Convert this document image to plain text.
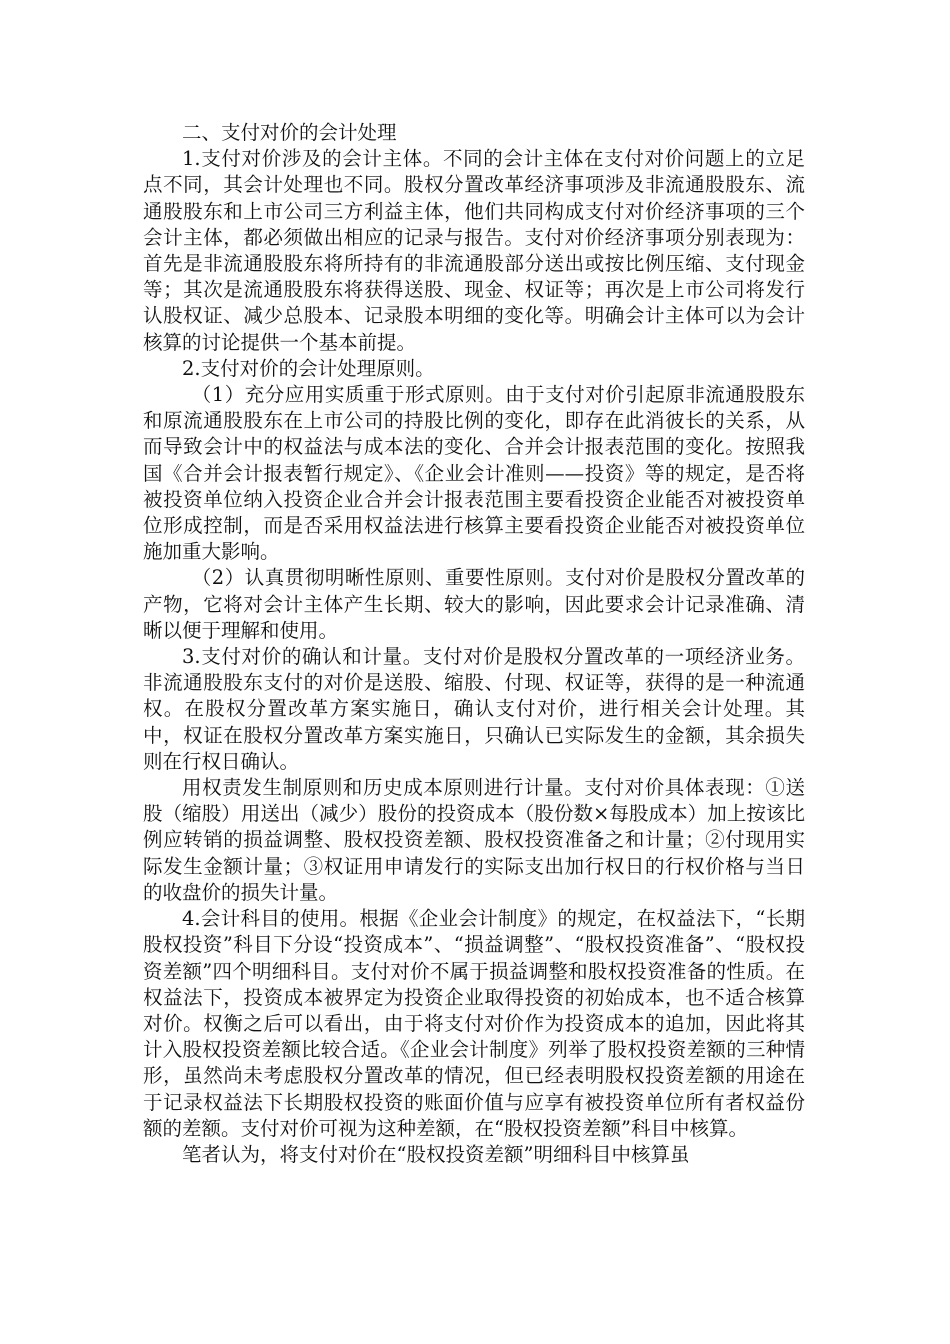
二、支付对价的会计处理

1.支付对价涉及的会计主体。不同的会计主体在支付对价问题上的立足点不同，其会计处理也不同。股权分置改革经济事项涉及非流通股股东、流通股股东和上市公司三方利益主体，他们共同构成支付对价经济事项的三个会计主体，都必须做出相应的记录与报告。支付对价经济事项分别表现为：首先是非流通股股东将所持有的非流通股部分送出或按比例压缩、支付现金等；其次是流通股股东将获得送股、现金、权证等；再次是上市公司将发行认股权证、减少总股本、记录股本明细的变化等。明确会计主体可以为会计核算的讨论提供一个基本前提。

2.支付对价的会计处理原则。

（1）充分应用实质重于形式原则。由于支付对价引起原非流通股股东和原流通股股东在上市公司的持股比例的变化，即存在此消彼长的关系，从而导致会计中的权益法与成本法的变化、合并会计报表范围的变化。按照我国《合并会计报表暂行规定》、《企业会计准则——投资》等的规定，是否将被投资单位纳入投资企业合并会计报表范围主要看投资企业能否对被投资单位形成控制，而是否采用权益法进行核算主要看投资企业能否对被投资单位施加重大影响。

（2）认真贯彻明晰性原则、重要性原则。支付对价是股权分置改革的产物，它将对会计主体产生长期、较大的影响，因此要求会计记录准确、清晰以便于理解和使用。

3.支付对价的确认和计量。支付对价是股权分置改革的一项经济业务。非流通股股东支付的对价是送股、缩股、付现、权证等，获得的是一种流通权。在股权分置改革方案实施日，确认支付对价，进行相关会计处理。其中，权证在股权分置改革方案实施日，只确认已实际发生的金额，其余损失则在行权日确认。

用权责发生制原则和历史成本原则进行计量。支付对价具体表现：①送股（缩股）用送出（减少）股份的投资成本（股份数×每股成本）加上按该比例应转销的损益调整、股权投资差额、股权投资准备之和计量；②付现用实际发生金额计量；③权证用申请发行的实际支出加行权日的行权价格与当日的收盘价的损失计量。

4.会计科目的使用。根据《企业会计制度》的规定，在权益法下，“长期股权投资”科目下分设“投资成本”、“损益调整”、“股权投资准备”、“股权投资差额”四个明细科目。支付对价不属于损益调整和股权投资准备的性质。在权益法下，投资成本被界定为投资企业取得投资的初始成本，也不适合核算对价。权衡之后可以看出，由于将支付对价作为投资成本的追加，因此将其计入股权投资差额比较合适。《企业会计制度》列举了股权投资差额的三种情形，虽然尚未考虑股权分置改革的情况，但已经表明股权投资差额的用途在于记录权益法下长期股权投资的账面价值与应享有被投资单位所有者权益份额的差额。支付对价可视为这种差额，在“股权投资差额”科目中核算。

笔者认为，将支付对价在“股权投资差额”明细科目中核算虽
